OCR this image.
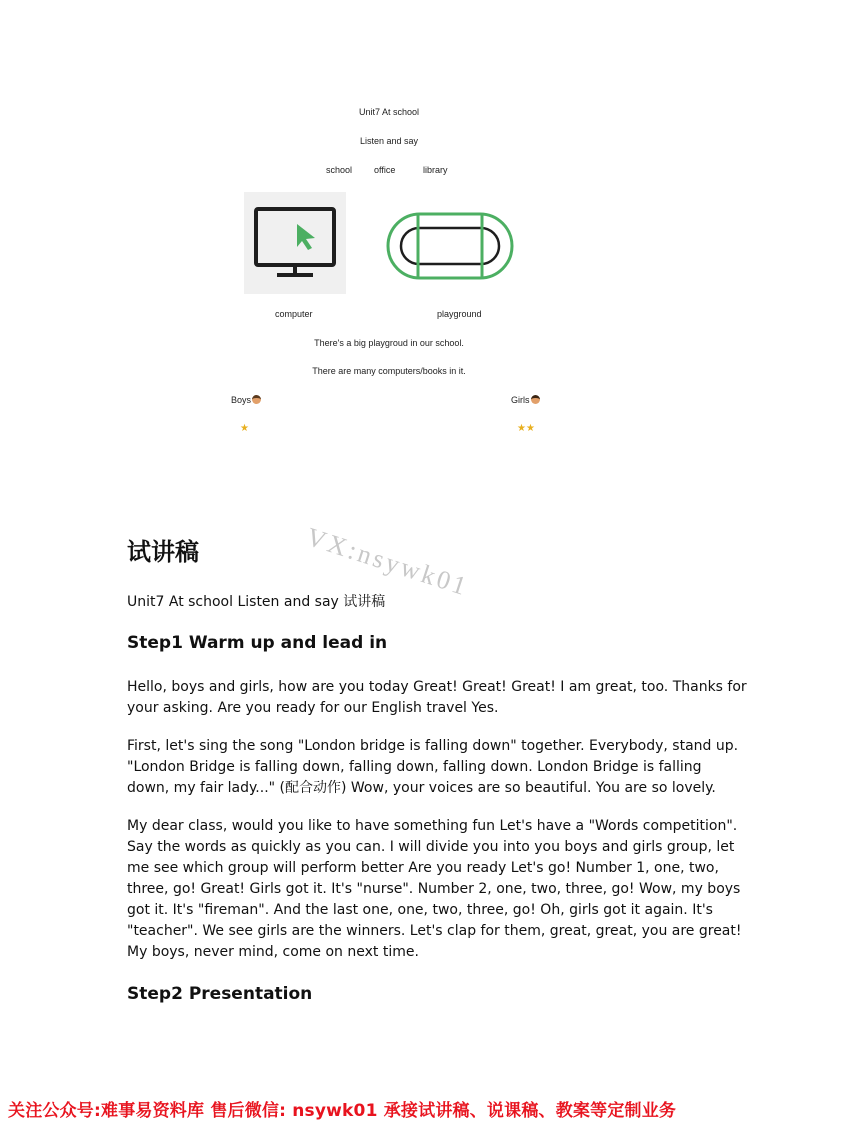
Unit7 At school
Listen and say
school office	library
computer	playground
There's a big playgroud in our school.
There are many computers/books in it.
Boys	Girls
★	★★
VX:nsywk01
试讲稿
Unit7 At school Listen and say 试讲稿
Step1 Warm up and lead in

Hello, boys and girls, how are you today Great! Great! Great! I am great, too. Thanks for your asking. Are you ready for our English travel Yes.

First, let's sing the song "London bridge is falling down" together. Everybody, stand up. "London Bridge is falling down, falling down, falling down. London Bridge is falling down, my fair lady..." (配合动作) Wow, your voices are so beautiful. You are so lovely.

My dear class, would you like to have something fun Let's have a "Words competition". Say the words as quickly as you can. I will divide you into you boys and girls group, let me see which group will perform better Are you ready Let's go! Number 1, one, two, three, go! Great! Girls got it. It's "nurse". Number 2, one, two, three, go! Wow, my boys got it. It's "fireman". And the last one, one, two, three, go! Oh, girls got it again. It's "teacher". We see girls are the winners. Let's clap for them, great, great, you are great! My boys, never mind, come on next time.

Step2 Presentation
关注公众号:难事易资料库 售后微信: nsywk01 承接试讲稿、说课稿、教案等定制业务
